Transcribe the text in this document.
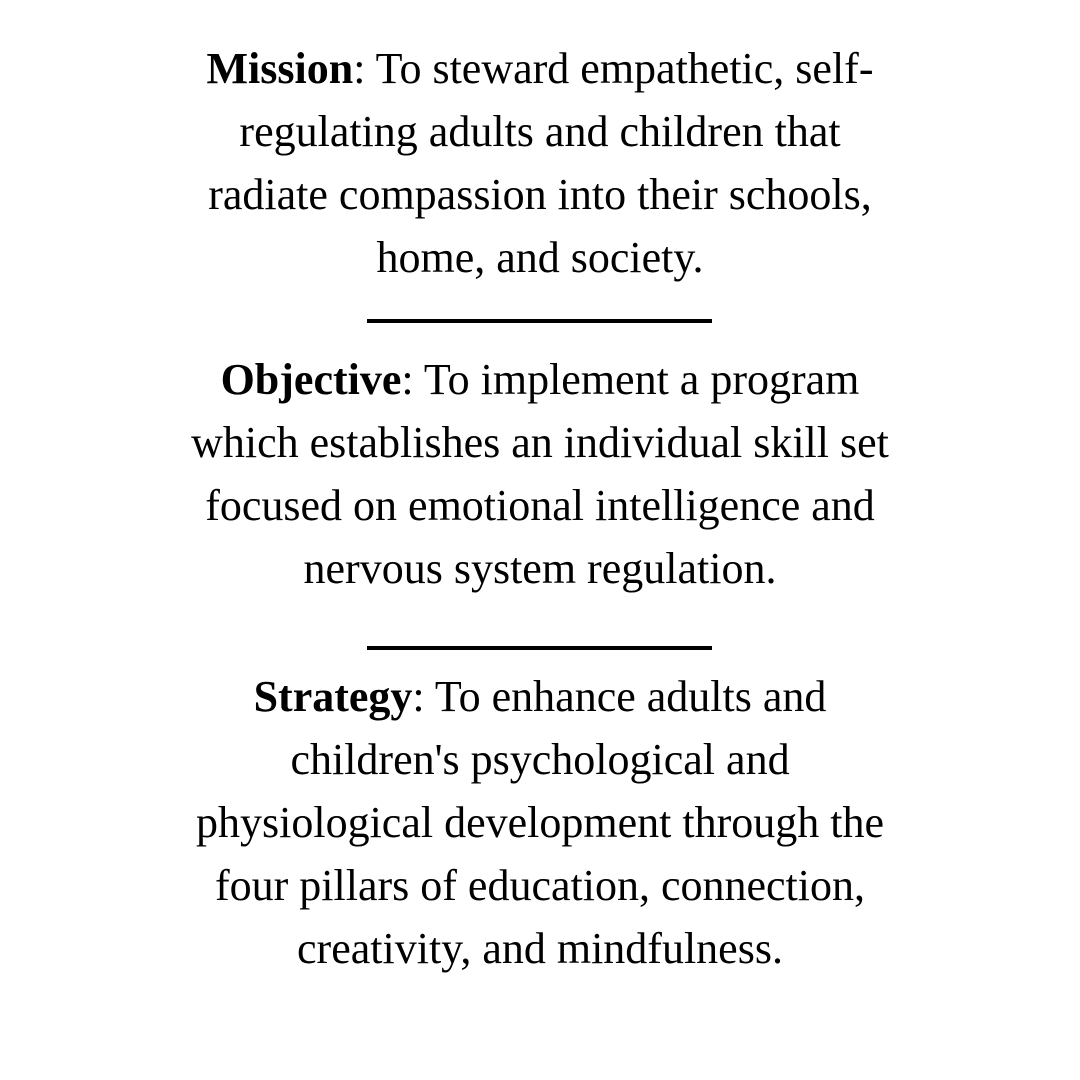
Mission: To steward empathetic, self-
regulating adults and children that
radiate compassion into their schools,
home, and society.

Objective: To implement a program
which establishes an individual skill set
focused on emotional intelligence and
nervous system regulation.

Strategy: To enhance adults and
children's psychological and
physiological development through the
four pillars of education, connection,
creativity, and mindfulness.
